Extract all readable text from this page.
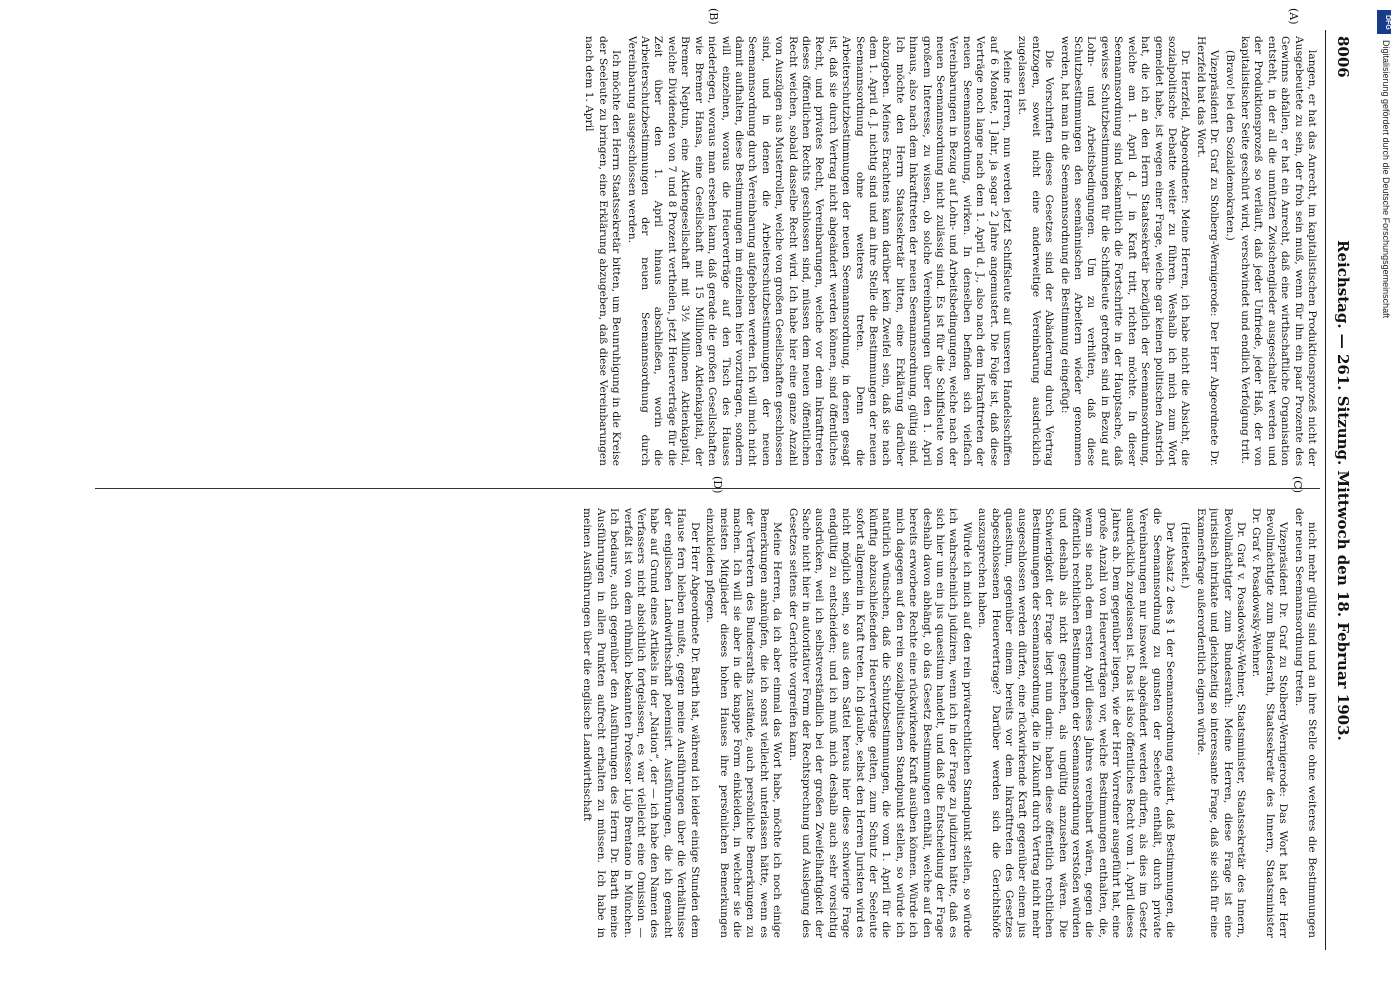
8006
Reichstag. — 261. Sitzung. Mittwoch den 18. Februar 1903.

langen, er hat das Anrecht, im kapitalistischen Produktionsprozeß nicht der Ausgebeutete zu sein, der froh sein muß, wenn für ihn ein paar Prozente des Gewinns abfallen, er hat ein Anrecht, daß eine wirthschaftliche Organisation entsteht, in der all die unnützen Zwischenglieder ausgeschaltet werden und der Produktionsprozeß so verläuft, daß jeder Unfriede, jeder Haß, der von kapitalistischer Seite geschürt wird, verschwindet und endlich Verfolgung tritt.

(Bravo! bei den Sozialdemokraten.)

Vizepräsident Dr. Graf zu Stolberg-Wernigerode: Der Herr Abgeordnete Dr. Herzfeld hat das Wort.

Dr. Herzfeld, Abgeordneter: Meine Herren, ich habe nicht die Absicht, die sozialpolitische Debatte weiter zu führen. Weshalb ich mich zum Wort gemeldet habe, ist wegen einer Frage, welche gar keinen politischen Anstrich hat, die ich an den Herrn Staatssekretär bezüglich der Seemannsordnung, welche am 1. April d. J. in Kraft tritt, richten möchte. In dieser Seemannsordnung sind bekanntlich die Fortschritte in der Hauptsache, daß gewisse Schutzbestimmungen für die Schiffsleute getroffen sind in Bezug auf Lohn- und Arbeitsbedingungen. Um zu verhüten, daß diese Schutzbestimmungen den seemännischen Arbeitern wieder genommen werden, hat man in die Seemannsordnung die Bestimmung eingefügt:

Die Vorschriften dieses Gesetzes sind der Abänderung durch Vertrag entzogen, soweit nicht eine anderweitige Vereinbarung ausdrücklich zugelassen ist.

Meine Herren, nun werden jetzt Schiffsleute auf unseren Handelsschiffen auf 6 Monate, 1 Jahr, ja sogar 2 Jahre angemustert. Die Folge ist, daß diese Verträge noch lange nach dem 1. April d. J., also nach dem Inkrafttreten der neuen Seemannsordnung, wirken. In denselben befinden sich vielfach Vereinbarungen in Bezug auf Lohn- und Arbeitsbedingungen, welche nach der neuen Seemannsordnung nicht zulässig sind. Es ist für die Schiffsleute von großem Interesse, zu wissen, ob solche Vereinbarungen über den 1. April hinaus, also nach dem Inkrafttreten der neuen Seemannsordnung, gültig sind. Ich möchte den Herrn Staatssekretär bitten, eine Erklärung darüber abzugeben. Meines Erachtens kann darüber kein Zweifel sein, daß sie nach dem 1. April d. J. nichtig sind und an ihre Stelle die Bestimmungen der neuen Seemannsordnung ohne weiteres treten. Denn die Arbeiterschutzbestimmungen der neuen Seemannsordnung, in denen gesagt ist, daß sie durch Vertrag nicht abgeändert werden können, sind öffentliches Recht, und privates Recht, Vereinbarungen, welche vor dem Inkrafttreten dieses öffentlichen Rechts geschlossen sind, müssen dem neuen öffentlichen Recht weichen, sobald dasselbe Recht wird. Ich habe hier eine ganze Anzahl von Auszügen aus Musterrollen, welche von großen Gesellschaften geschlossen sind, und in denen die Arbeiterschutzbestimmungen der neuen Seemannsordnung durch Vereinbarung aufgehoben werden. Ich will mich nicht damit aufhalten, diese Bestimmungen im einzelnen hier vorzutragen, sondern will einzelnen, woraus die Heuerverträge auf den Tisch des Hauses niederlegen, woraus man ersehen kann, daß gerade die großen Gesellschaften wie Bremer Hansa, eine Gesellschaft mit 15 Millionen Aktienkapital, der Bremer Neptun, eine Aktiengesellschaft mit 3½ Millionen Aktienkapital, welche Dividenden von 7 und 8 Prozent vertheilen, jetzt Heuerverträge für die Zeit über den 1. April hinaus abschließen, worin die Arbeiterschutzbestimmungen der neuen Seemannsordnung durch Vereinbarung ausgeschlossen werden.

Ich möchte den Herrn Staatssekretär bitten, um Beunruhigung in die Kreise der Seeleute zu bringen, eine Erklärung abzugeben, daß diese Vereinbarungen nach dem 1. April

nicht mehr gültig sind und an ihre Stelle ohne weiteres die Bestimmungen der neuen Seemannsordnung treten.

Vizepräsident Dr. Graf zu Stolberg-Wernigerode: Das Wort hat der Herr Bevollmächtigte zum Bundesrath, Staatssekretär des Innern, Staatsminister Dr. Graf v. Posadowsky-Wehner.

Dr. Graf v. Posadowsky-Wehner, Staatsminister, Staatssekretär des Innern, Bevollmächtigter zum Bundesrath: Meine Herren, diese Frage ist eine juristisch intrikate und gleichzeitig so interessante Frage, daß sie sich für eine Examensfrage außerordentlich eignen würde.

(Heiterkeit.)

Der Absatz 2 des § 1 der Seemannsordnung erklärt, daß Bestimmungen, die die Seemannsordnung zu gunsten der Seeleute enthält, durch private Vereinbarungen nur insoweit abgeändert werden dürfen, als dies im Gesetz ausdrücklich zugelassen ist. Das ist also öffentliches Recht vom 1. April dieses Jahres ab. Dem gegenüber liegen, wie der Herr Vorredner ausgeführt hat, eine große Anzahl von Heuerverträgen vor, welche Bestimmungen enthalten, die, wenn sie nach dem ersten April dieses Jahres vereinbart wären, gegen die öffentlich rechtlichen Bestimmungen der Seemannsordnung verstoßen würden und deshalb als nicht geschehen, als ungültig anzusehen wären. Die Schwierigkeit der Frage liegt nun darin: haben diese öffentlich rechtlichen Bestimmungen der Seemannsordnung, die in Zukunft durch Vertrag nicht mehr ausgeschlossen werden dürfen, eine rückwirkende Kraft gegenüber einem jus quaesitum, gegenüber einem bereits vor dem Inkrafttreten des Gesetzes abgeschlossenen Heuervertrage? Darüber werden sich die Gerichtshöfe auszusprechen haben.

Würde ich mich auf den rein privatrechtlichen Standpunkt stellen, so würde ich wahrscheinlich judiziren, wenn ich in der Frage zu judiziren hätte, daß es sich hier um ein jus quaesitum handelt, und daß die Entscheidung der Frage deshalb davon abhängt, ob das Gesetz Bestimmungen enthält, welche auf den bereits erworbene Rechte eine rückwirkende Kraft ausüben können. Würde ich mich dagegen auf den rein sozialpolitischen Standpunkt stellen, so würde ich natürlich wünschen, daß die Schutzbestimmungen, die vom 1. April für die künftig abzuschließenden Heuerverträge gelten, zum Schutz der Seeleute sofort allgemein in Kraft treten. Ich glaube, selbst den Herren Juristen wird es nicht möglich sein, so aus dem Sattel heraus hier diese schwierige Frage endgültig zu entscheiden; und ich muß mich deshalb auch sehr vorsichtig ausdrücken, weil ich selbstverständlich bei der großen Zweifelhaftigkeit der Sache nicht hier in autoritativer Form der Rechtsprechung und Auslegung des Gesetzes seitens der Gerichte vorgreifen kann.

Meine Herren, da ich aber einmal das Wort habe, möchte ich noch einige Bemerkungen anknüpfen, die ich sonst vielleicht unterlassen hätte, wenn es der Vertretern des Bundesraths zustände, auch persönliche Bemerkungen zu machen. Ich will sie aber in die knappe Form einkleiden, in welcher sie die meisten Mitglieder dieses hohen Hauses ihre persönlichen Bemerkungen einzukleiden pflegen.

Der Herr Abgeordnete Dr. Barth hat, während ich leider einige Stunden dem Hause fern bleiben mußte, gegen meine Ausführungen über die Verhältnisse der englischen Landwirthschaft polemisirt. Ausführungen, die ich gemacht habe auf Grund eines Artikels in der „Nation“, der — ich habe den Namen des Verfassers nicht absichtlich fortgelassen, es war vielleicht eine Omission — verfaßt ist von dem rühmlich bekannten Professor Lujo Brentano in München. Ich bedaure, auch gegenüber den Ausführungen des Herrn Dr. Barth meine Ausführungen in allen Punkten aufrecht erhalten zu müssen. Ich habe in meinen Ausführungen über die englische Landwirthschaft

(A)
(B)
(C)
(D)
DFG
Digitalisierung gefördert durch die Deutsche Forschungsgemeinschaft
